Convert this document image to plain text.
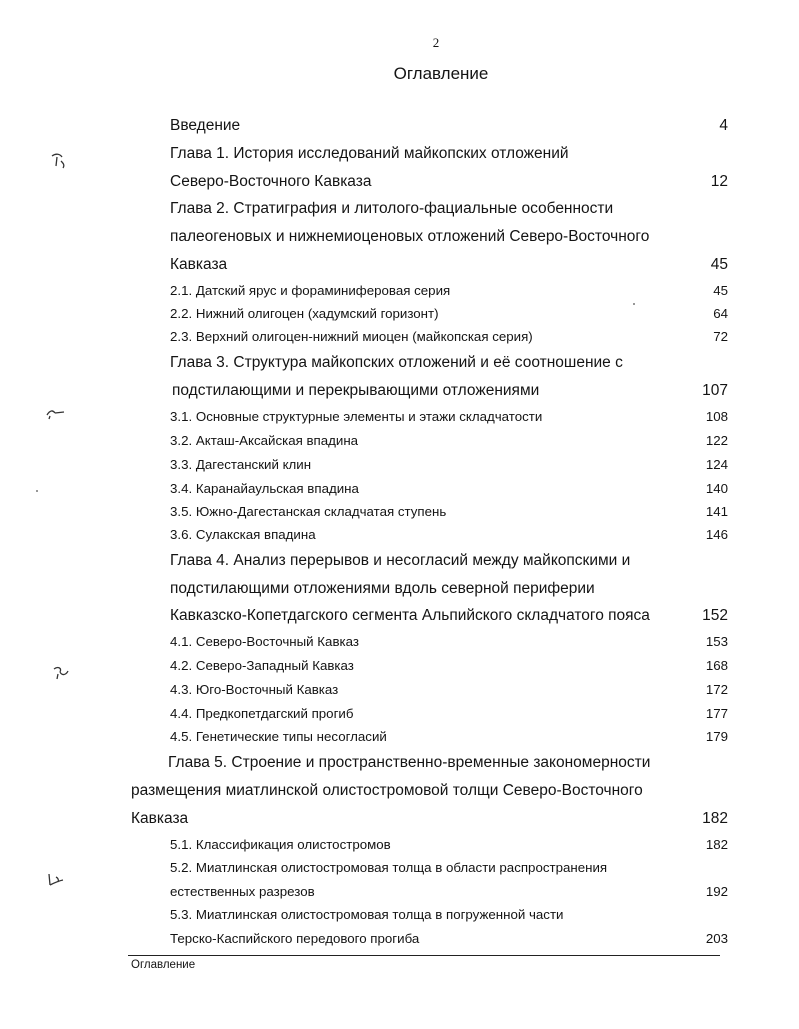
2
Оглавление
Введение	4
Глава 1. История исследований майкопских отложений
Северо-Восточного Кавказа	12
Глава 2. Стратиграфия и литолого-фациальные особенности
палеогеновых и нижнемиоценовых отложений Северо-Восточного
Кавказа	45
2.1. Датский ярус и фораминиферовая серия	45
2.2. Нижний олигоцен (хадумский горизонт)	64
2.3. Верхний олигоцен-нижний миоцен (майкопская серия)	72
Глава 3. Структура майкопских отложений и её соотношение с
подстилающими и перекрывающими отложениями	107
3.1. Основные структурные элементы и этажи складчатости	108
3.2. Акташ-Аксайская впадина	122
3.3. Дагестанский клин	124
3.4. Каранайаульская впадина	140
3.5. Южно-Дагестанская складчатая ступень	141
3.6. Сулакская впадина	146
Глава 4. Анализ перерывов и несогласий между майкопскими и
подстилающими отложениями вдоль северной периферии
Кавказско-Копетдагского сегмента Альпийского складчатого пояса	152
4.1. Северо-Восточный Кавказ	153
4.2. Северо-Западный Кавказ	168
4.3. Юго-Восточный Кавказ	172
4.4. Предкопетдагский прогиб	177
4.5. Генетические типы несогласий	179
Глава 5. Строение и пространственно-временные закономерности
размещения миатлинской олистостромовой толщи Северо-Восточного
Кавказа	182
5.1. Классификация олистостромов	182
5.2. Миатлинская олистостромовая толща в области распространения
естественных разрезов	192
5.3. Миатлинская олистостромовая толща в погруженной части
Терско-Каспийского передового прогиба	203
Оглавление
